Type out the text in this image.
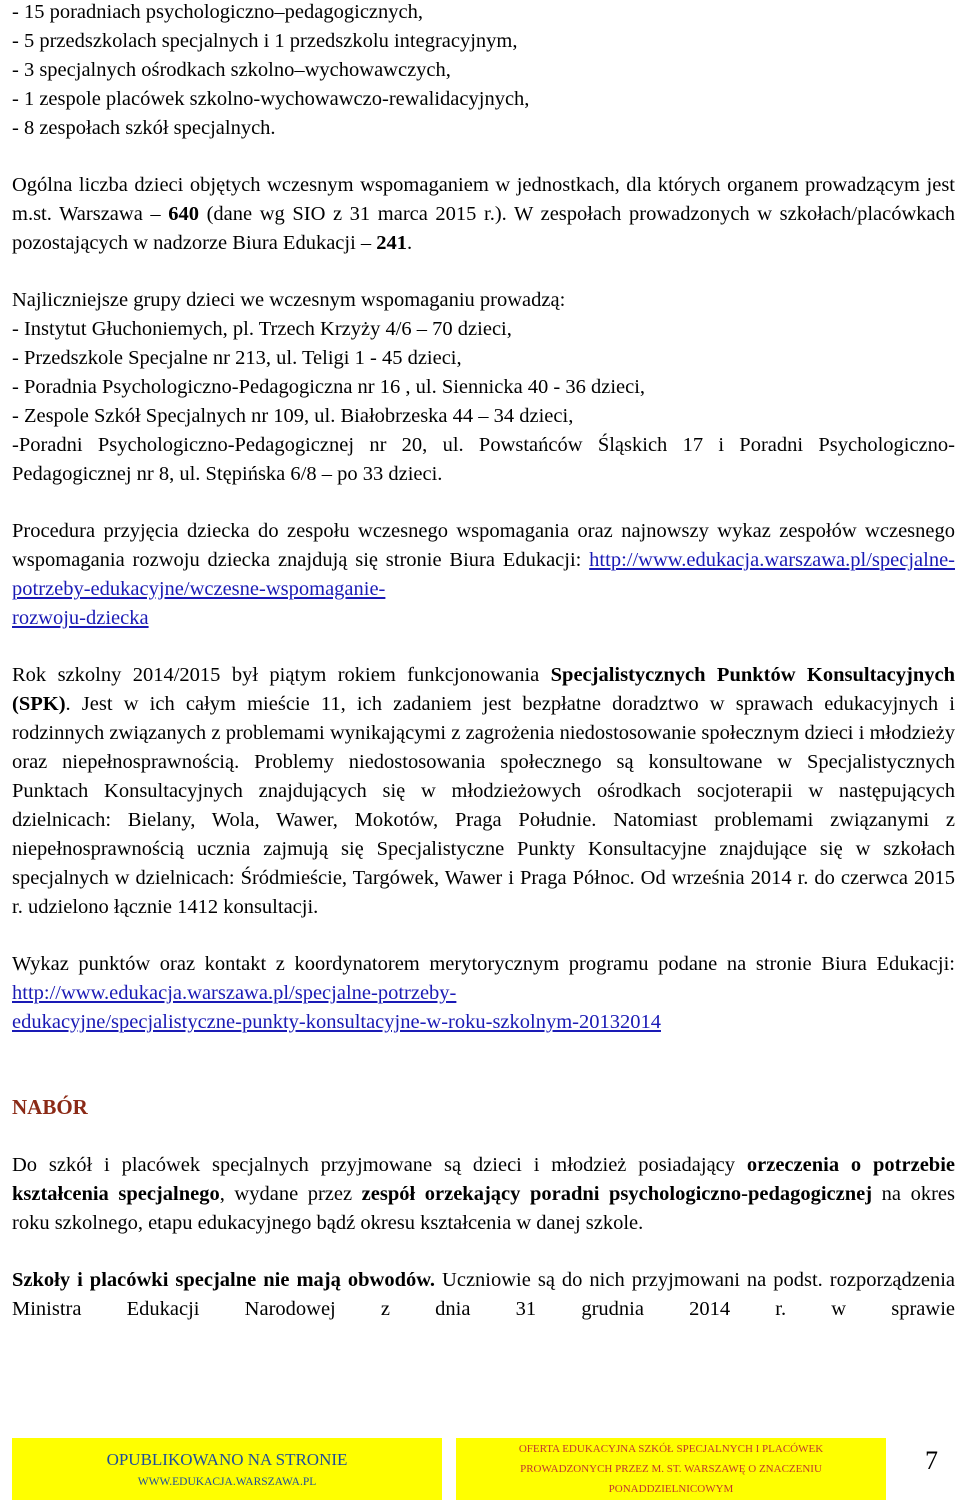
- 15 poradniach psychologiczno–pedagogicznych,

- 5 przedszkolach specjalnych i 1 przedszkolu integracyjnym,

- 3 specjalnych ośrodkach szkolno–wychowawczych,

- 1 zespole placówek szkolno-wychowawczo-rewalidacyjnych,

- 8 zespołach szkół specjalnych.

Ogólna liczba dzieci objętych wczesnym wspomaganiem w jednostkach, dla których organem prowadzącym jest m.st. Warszawa – 640 (dane wg SIO z 31 marca 2015 r.). W zespołach prowadzonych w szkołach/placówkach pozostających w nadzorze Biura Edukacji – 241.

Najliczniejsze grupy dzieci we wczesnym wspomaganiu prowadzą:

- Instytut Głuchoniemych, pl. Trzech Krzyży 4/6 – 70 dzieci,

- Przedszkole Specjalne nr 213, ul. Teligi 1 - 45 dzieci,

- Poradnia Psychologiczno-Pedagogiczna nr 16 , ul. Siennicka 40 - 36 dzieci,

- Zespole Szkół Specjalnych nr 109, ul. Białobrzeska 44 – 34 dzieci,

-Poradni Psychologiczno-Pedagogicznej nr 20, ul. Powstańców Śląskich 17 i Poradni Psychologiczno-Pedagogicznej nr 8, ul. Stępińska 6/8 – po 33 dzieci.

Procedura przyjęcia dziecka do zespołu wczesnego wspomagania oraz najnowszy wykaz zespołów wczesnego wspomagania rozwoju dziecka znajdują się stronie Biura Edukacji: http://www.edukacja.warszawa.pl/specjalne-potrzeby-edukacyjne/wczesne-wspomaganie-
rozwoju-dziecka

Rok szkolny 2014/2015 był piątym rokiem funkcjonowania Specjalistycznych Punktów Konsultacyjnych (SPK). Jest w ich całym mieście 11, ich zadaniem jest bezpłatne doradztwo w sprawach edukacyjnych i rodzinnych związanych z problemami wynikającymi z zagrożenia niedostosowanie społecznym dzieci i młodzieży oraz niepełnosprawnością. Problemy niedostosowania społecznego są konsultowane w Specjalistycznych Punktach Konsultacyjnych znajdujących się w młodzieżowych ośrodkach socjoterapii w następujących dzielnicach: Bielany, Wola, Wawer, Mokotów, Praga Południe. Natomiast problemami związanymi z niepełnosprawnością ucznia zajmują się Specjalistyczne Punkty Konsultacyjne znajdujące się w szkołach specjalnych w dzielnicach: Śródmieście, Targówek, Wawer i Praga Północ. Od września 2014 r. do czerwca 2015 r. udzielono łącznie 1412 konsultacji.

Wykaz punktów oraz kontakt z koordynatorem merytorycznym programu podane na stronie Biura Edukacji: http://www.edukacja.warszawa.pl/specjalne-potrzeby-
edukacyjne/specjalistyczne-punkty-konsultacyjne-w-roku-szkolnym-20132014

NABÓR

Do szkół i placówek specjalnych przyjmowane są dzieci i młodzież posiadający orzeczenia o potrzebie kształcenia specjalnego, wydane przez zespół orzekający poradni psychologiczno-pedagogicznej na okres roku szkolnego, etapu edukacyjnego bądź okresu kształcenia w danej szkole.

Szkoły i placówki specjalne nie mają obwodów. Uczniowie są do nich przyjmowani na podst. rozporządzenia Ministra Edukacji Narodowej z dnia 31 grudnia 2014 r. w sprawie

OPUBLIKOWANO NA STRONIE
WWW.EDUKACJA.WARSZAWA.PL
OFERTA EDUKACYJNA SZKÓŁ SPECJALNYCH I PLACÓWEK
PROWADZONYCH PRZEZ M. ST. WARSZAWĘ O ZNACZENIU
PONADDZIELNICOWYM
7
